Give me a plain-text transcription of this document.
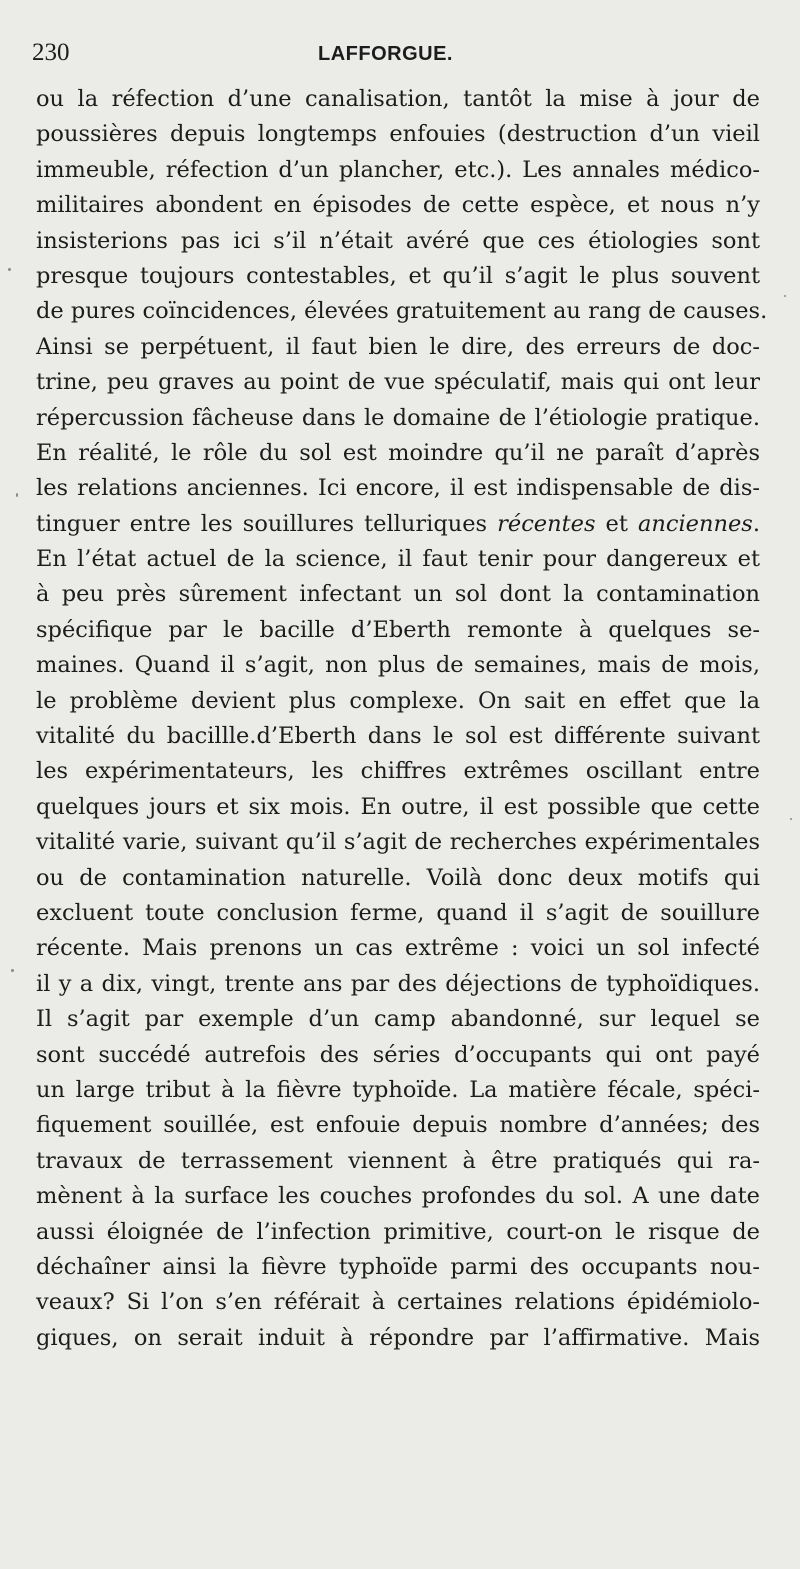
230	LAFFORGUE.
ou la réfection d’une canalisation, tantôt la mise à jour de
poussières depuis longtemps enfouies (destruction d’un vieil
immeuble, réfection d’un plancher, etc.). Les annales médico-
militaires abondent en épisodes de cette espèce, et nous n’y
insisterions pas ici s’il n’était avéré que ces étiologies sont
presque toujours contestables, et qu’il s’agit le plus souvent
de pures coïncidences, élevées gratuitement au rang de causes.
Ainsi se perpétuent, il faut bien le dire, des erreurs de doc-
trine, peu graves au point de vue spéculatif, mais qui ont leur
répercussion fâcheuse dans le domaine de l’étiologie pratique.
En réalité, le rôle du sol est moindre qu’il ne paraît d’après
les relations anciennes. Ici encore, il est indispensable de dis-
tinguer entre les souillures telluriques récentes et anciennes.
En l’état actuel de la science, il faut tenir pour dangereux et
à peu près sûrement infectant un sol dont la contamination
spécifique par le bacille d’Eberth remonte à quelques se-
maines. Quand il s’agit, non plus de semaines, mais de mois,
le problème devient plus complexe. On sait en effet que la
vitalité du bacillle.d’Eberth dans le sol est différente suivant
les expérimentateurs, les chiffres extrêmes oscillant entre
quelques jours et six mois. En outre, il est possible que cette
vitalité varie, suivant qu’il s’agit de recherches expérimentales
ou de contamination naturelle. Voilà donc deux motifs qui
excluent toute conclusion ferme, quand il s’agit de souillure
récente. Mais prenons un cas extrême : voici un sol infecté
il y a dix, vingt, trente ans par des déjections de typhoïdiques.
Il s’agit par exemple d’un camp abandonné, sur lequel se
sont succédé autrefois des séries d’occupants qui ont payé
un large tribut à la fièvre typhoïde. La matière fécale, spéci-
fiquement souillée, est enfouie depuis nombre d’années; des
travaux de terrassement viennent à être pratiqués qui ra-
mènent à la surface les couches profondes du sol. A une date
aussi éloignée de l’infection primitive, court-on le risque de
déchaîner ainsi la fièvre typhoïde parmi des occupants nou-
veaux? Si l’on s’en référait à certaines relations épidémiolo-
giques, on serait induit à répondre par l’affirmative. Mais
